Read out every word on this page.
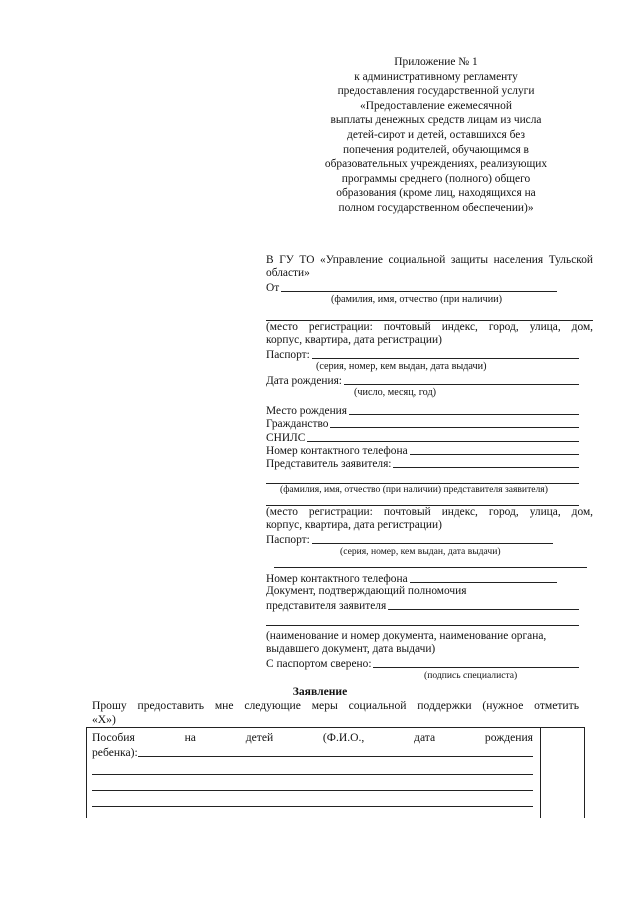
Приложение № 1
к административному регламенту
предоставления государственной услуги
«Предоставление ежемесячной
выплаты денежных средств лицам из числа
детей-сирот и детей, оставшихся без
попечения родителей, обучающимся в
образовательных учреждениях, реализующих
программы среднего (полного) общего
образования (кроме лиц, находящихся на
полном государственном обеспечении)»
В ГУ ТО «Управление социальной защиты населения Тульской
области»
От
(фамилия, имя, отчество (при наличии)
(место регистрации: почтовый индекс, город, улица, дом,
корпус, квартира, дата регистрации)
Паспорт:
(серия, номер, кем выдан, дата выдачи)
Дата рождения:
(число, месяц, год)
Место рождения
Гражданство
СНИЛС
Номер контактного телефона
Представитель заявителя:
(фамилия, имя, отчество (при наличии) представителя заявителя)
(место регистрации: почтовый индекс, город, улица, дом,
корпус, квартира, дата регистрации)
Паспорт:
(серия, номер, кем выдан, дата выдачи)
Номер контактного телефона
Документ, подтверждающий полномочия
представителя заявителя
(наименование и номер документа, наименование органа,
выдавшего документ, дата выдачи)
С паспортом сверено:
(подпись специалиста)
Заявление
Прошу предоставить мне следующие меры социальной поддержки (нужное отметить
«Х»)
Пособия на детей (Ф.И.О., дата рождения
ребенка):
